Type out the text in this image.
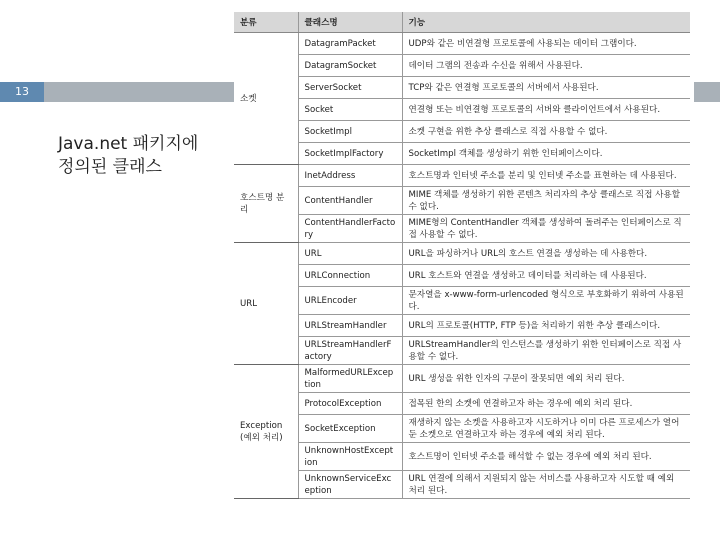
13
Java.net 패키지에
정의된 클래스
분류	클래스명	기능
소켓	DatagramPacket	UDP와 같은 비연결형 프로토콜에 사용되는 데이터 그램이다.
	DatagramSocket	데이터 그램의 전송과 수신을 위해서 사용된다.
	ServerSocket	TCP와 같은 연결형 프로토콜의 서버에서 사용된다.
	Socket	연결형 또는 비연결형 프로토콜의 서버와 클라이언트에서 사용된다.
	SocketImpl	소켓 구현을 위한 추상 클래스로 직접 사용할 수 없다.
	SocketImplFactory	SocketImpl 객체를 생성하기 위한 인터페이스이다.
호스트명 분리	InetAddress	호스트명과 인터넷 주소를 분리 및 인터넷 주소를 표현하는 데 사용된다.
	ContentHandler	MIME 객체를 생성하기 위한 콘텐츠 처리자의 추상 클래스로 직접 사용할 수 없다.
	ContentHandlerFactory	MIME형의 ContentHandler 객체를 생성하여 돌려주는 인터페이스로 직접 사용할 수 없다.
URL	URL	URL을 파싱하거나 URL의 호스트 연결을 생성하는 데 사용한다.
	URLConnection	URL 호스트와 연결을 생성하고 데이터를 처리하는 데 사용된다.
	URLEncoder	문자열을 x-www-form-urlencoded 형식으로 부호화하기 위하여 사용된다.
	URLStreamHandler	URL의 프로토콜(HTTP, FTP 등)을 처리하기 위한 추상 클래스이다.
	URLStreamHandlerFactory	URLStreamHandler의 인스턴스를 생성하기 위한 인터페이스로 직접 사용할 수 없다.
Exception
(예외 처리)	MalformedURLException	URL 생성을 위한 인자의 구문이 잘못되면 예외 처리 된다.
	ProtocolException	접목된 한의 소켓에 연결하고자 하는 경우에 예외 처리 된다.
	SocketException	재생하지 않는 소켓을 사용하고자 시도하거나 이미 다른 프로세스가 열어 둔 소켓으로 연결하고자 하는 경우에 예외 처리 된다.
	UnknownHostException	호스트명이 인터넷 주소를 해석할 수 없는 경우에 예외 처리 된다.
	UnknownServiceException	URL 연결에 의해서 지원되지 않는 서비스를 사용하고자 시도할 때 예외 처리 된다.
